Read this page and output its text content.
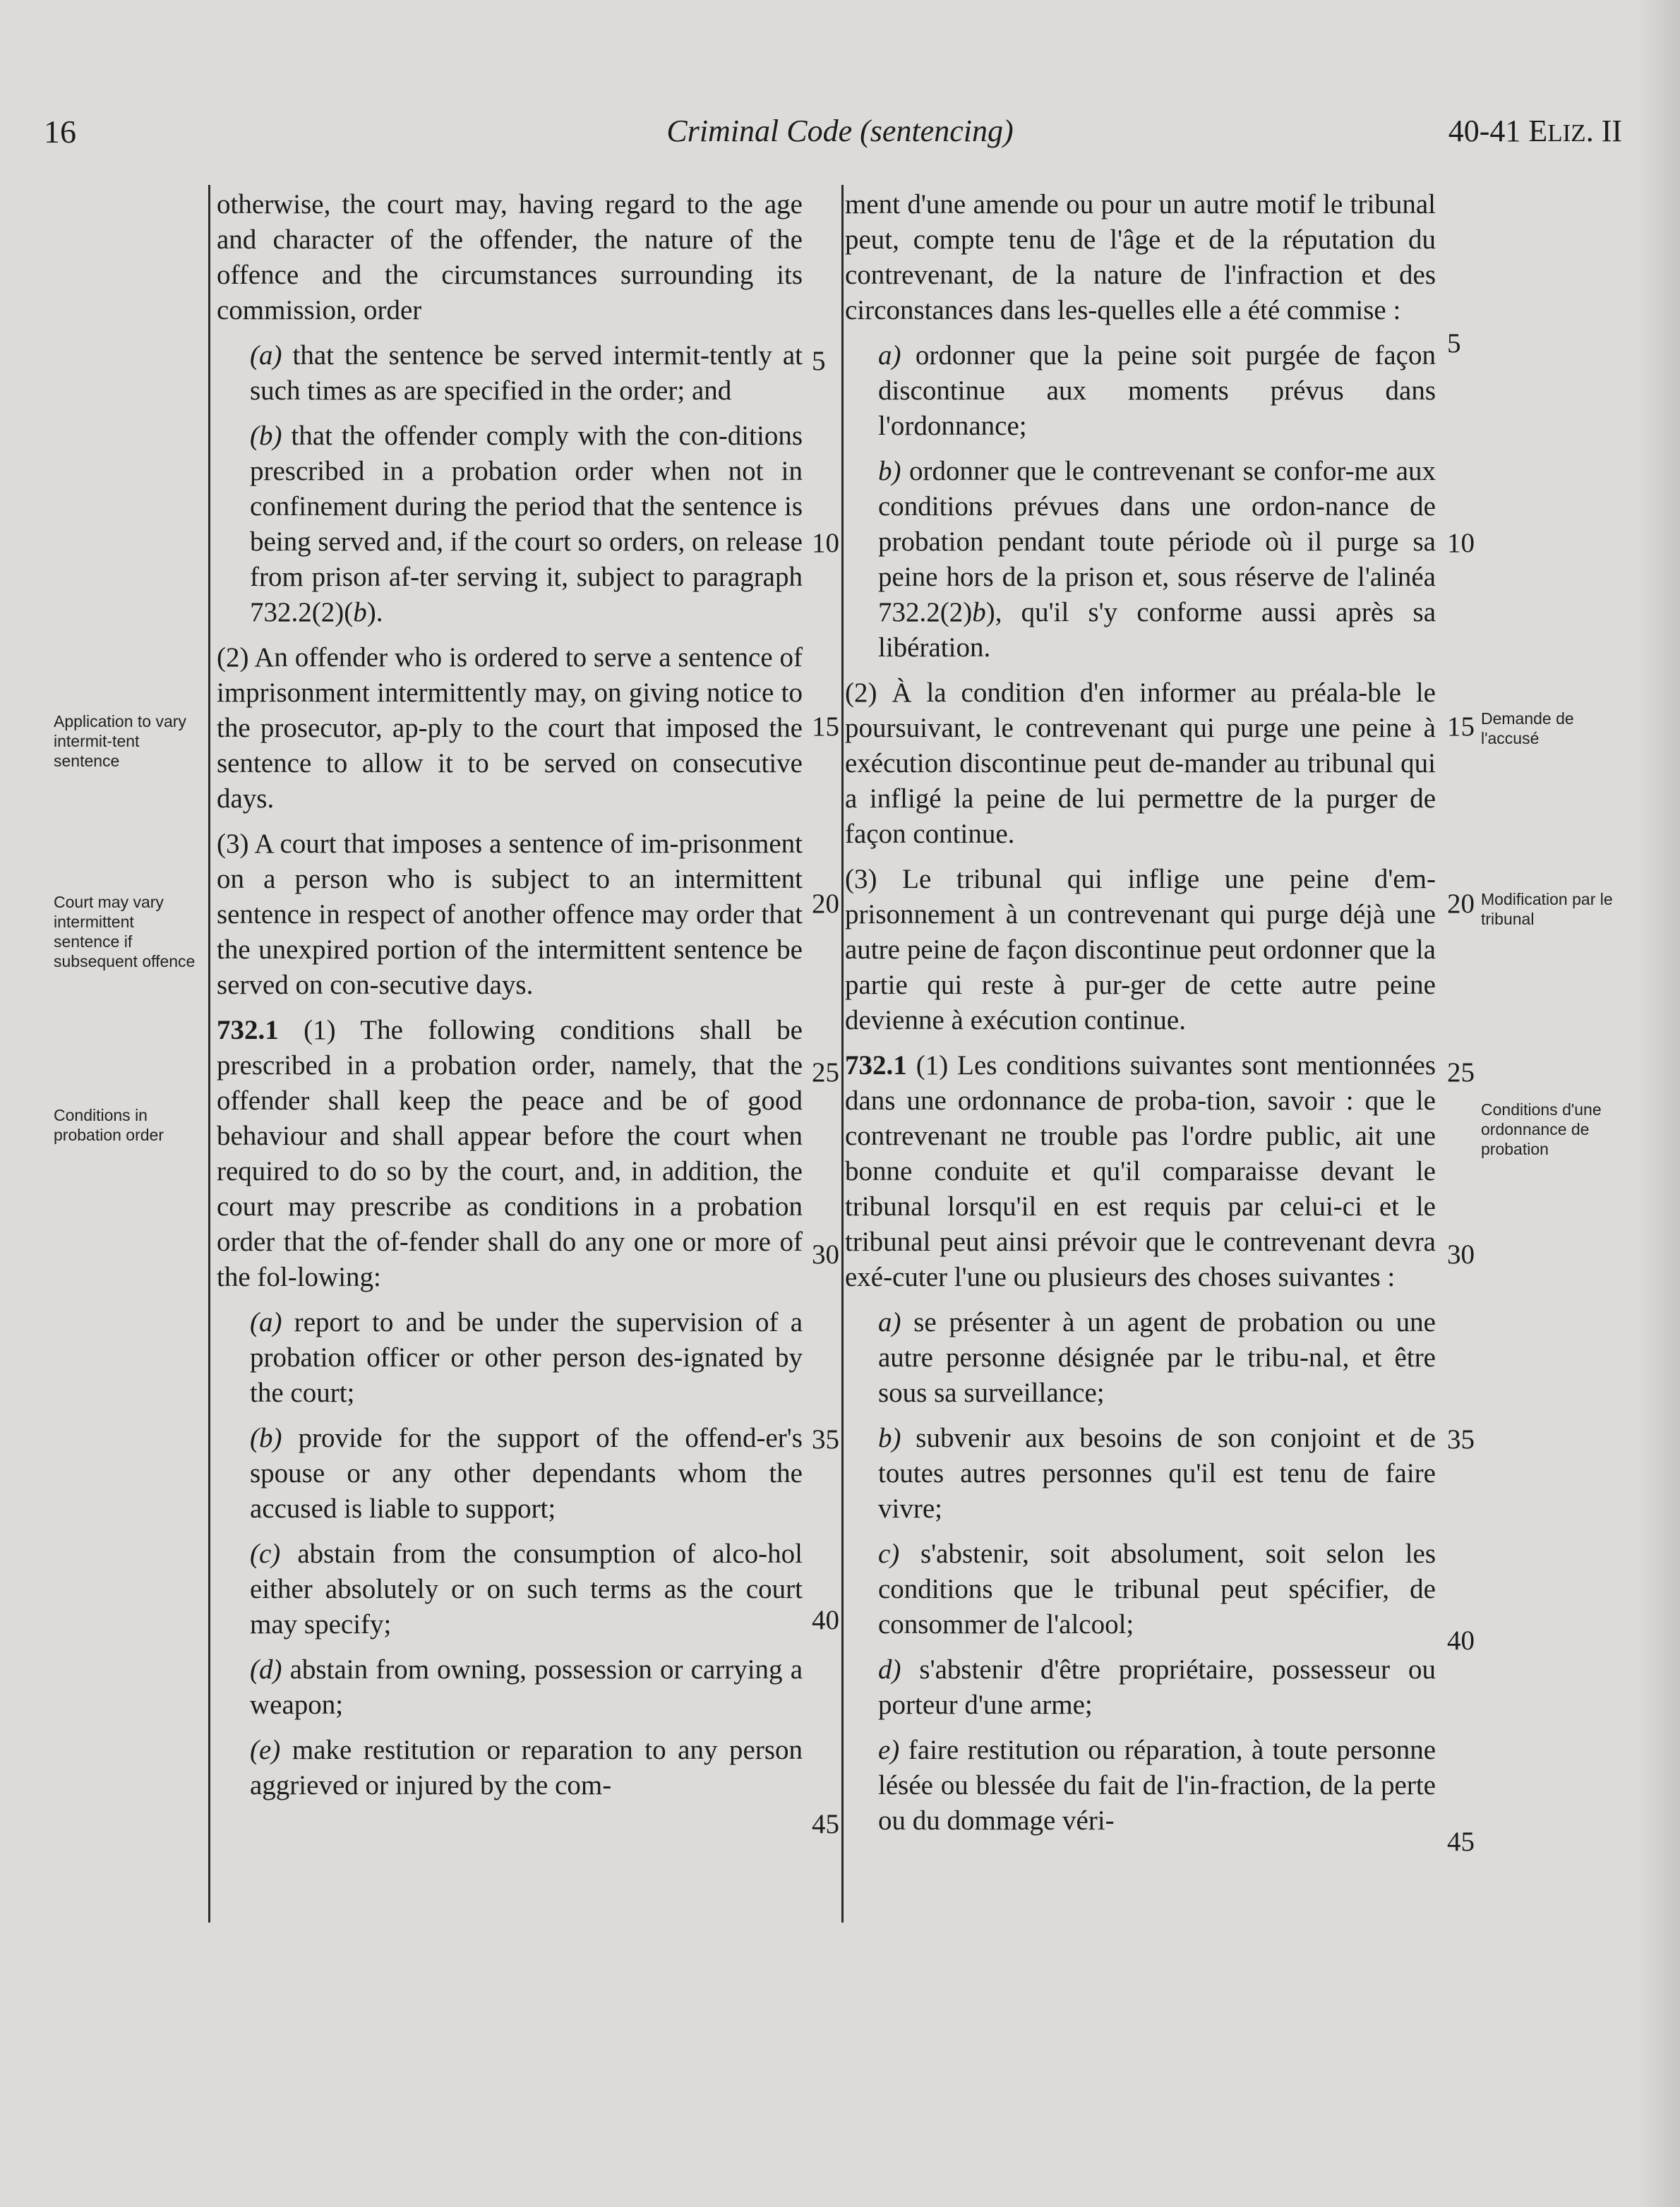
16	Criminal Code (sentencing)	40-41 ELIZ. II
Application to vary intermit-tent sentence
Court may vary intermittent sentence if subsequent offence
Conditions in probation order
Demande de l'accusé
Modification par le tribunal
Conditions d'une ordonnance de probation
5
10
15
20
25
30
35
40
45
5
10
15
20
25
30
35
40
45

otherwise, the court may, having regard to the age and character of the offender, the nature of the offence and the circumstances surrounding its commission, order

(a) that the sentence be served intermit-tently at such times as are specified in the order; and

(b) that the offender comply with the con-ditions prescribed in a probation order when not in confinement during the period that the sentence is being served and, if the court so orders, on release from prison af-ter serving it, subject to paragraph 732.2(2)(b).

(2) An offender who is ordered to serve a sentence of imprisonment intermittently may, on giving notice to the prosecutor, ap-ply to the court that imposed the sentence to allow it to be served on consecutive days.

(3) A court that imposes a sentence of im-prisonment on a person who is subject to an intermittent sentence in respect of another offence may order that the unexpired portion of the intermittent sentence be served on con-secutive days.

732.1 (1) The following conditions shall be prescribed in a probation order, namely, that the offender shall keep the peace and be of good behaviour and shall appear before the court when required to do so by the court, and, in addition, the court may prescribe as conditions in a probation order that the of-fender shall do any one or more of the fol-lowing:

(a) report to and be under the supervision of a probation officer or other person des-ignated by the court;

(b) provide for the support of the offend-er's spouse or any other dependants whom the accused is liable to support;

(c) abstain from the consumption of alco-hol either absolutely or on such terms as the court may specify;

(d) abstain from owning, possession or carrying a weapon;

(e) make restitution or reparation to any person aggrieved or injured by the com-

ment d'une amende ou pour un autre motif le tribunal peut, compte tenu de l'âge et de la réputation du contrevenant, de la nature de l'infraction et des circonstances dans les-quelles elle a été commise :

a) ordonner que la peine soit purgée de façon discontinue aux moments prévus dans l'ordonnance;

b) ordonner que le contrevenant se confor-me aux conditions prévues dans une ordon-nance de probation pendant toute période où il purge sa peine hors de la prison et, sous réserve de l'alinéa 732.2(2)b), qu'il s'y conforme aussi après sa libération.

(2) À la condition d'en informer au préala-ble le poursuivant, le contrevenant qui purge une peine à exécution discontinue peut de-mander au tribunal qui a infligé la peine de lui permettre de la purger de façon continue.

(3) Le tribunal qui inflige une peine d'em-prisonnement à un contrevenant qui purge déjà une autre peine de façon discontinue peut ordonner que la partie qui reste à pur-ger de cette autre peine devienne à exécution continue.

732.1 (1) Les conditions suivantes sont mentionnées dans une ordonnance de proba-tion, savoir : que le contrevenant ne trouble pas l'ordre public, ait une bonne conduite et qu'il comparaisse devant le tribunal lorsqu'il en est requis par celui-ci et le tribunal peut ainsi prévoir que le contrevenant devra exé-cuter l'une ou plusieurs des choses suivantes :

a) se présenter à un agent de probation ou une autre personne désignée par le tribu-nal, et être sous sa surveillance;

b) subvenir aux besoins de son conjoint et de toutes autres personnes qu'il est tenu de faire vivre;

c) s'abstenir, soit absolument, soit selon les conditions que le tribunal peut spécifier, de consommer de l'alcool;

d) s'abstenir d'être propriétaire, possesseur ou porteur d'une arme;

e) faire restitution ou réparation, à toute personne lésée ou blessée du fait de l'in-fraction, de la perte ou du dommage véri-
